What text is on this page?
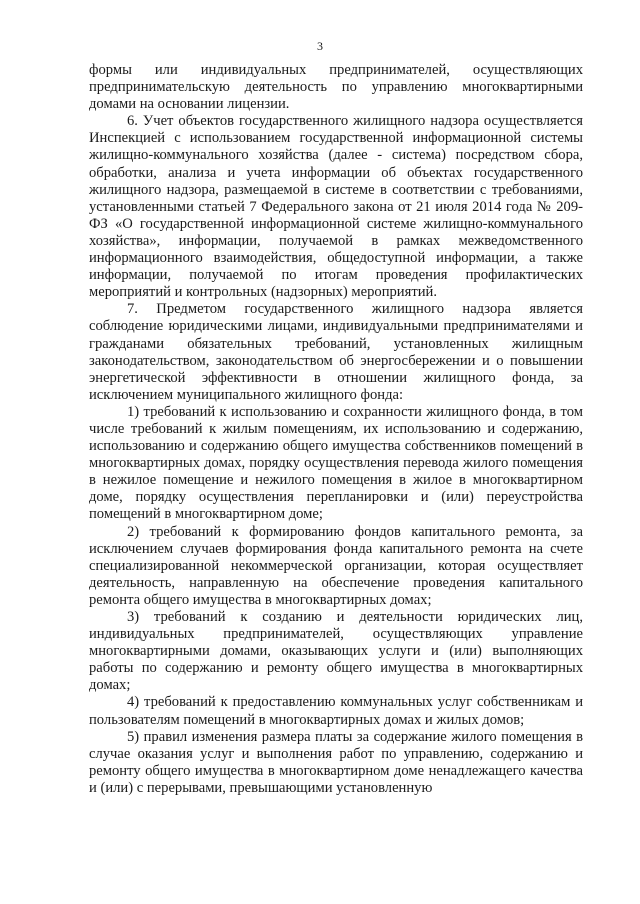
3

формы или индивидуальных предпринимателей, осуществляющих предпринимательскую деятельность по управлению многоквартирными домами на основании лицензии.

6. Учет объектов государственного жилищного надзора осуществляется Инспекцией с использованием государственной информационной системы жилищно-коммунального хозяйства (далее - система) посредством сбора, обработки, анализа и учета информации об объектах государственного жилищного надзора, размещаемой в системе в соответствии с требованиями, установленными статьей 7 Федерального закона от 21 июля 2014 года № 209-ФЗ «О государственной информационной системе жилищно-коммунального хозяйства», информации, получаемой в рамках межведомственного информационного взаимодействия, общедоступной информации, а также информации, получаемой по итогам проведения профилактических мероприятий и контрольных (надзорных) мероприятий.

7. Предметом государственного жилищного надзора является соблюдение юридическими лицами, индивидуальными предпринимателями и гражданами обязательных требований, установленных жилищным законодательством, законодательством об энергосбережении и о повышении энергетической эффективности в отношении жилищного фонда, за исключением муниципального жилищного фонда:

1) требований к использованию и сохранности жилищного фонда, в том числе требований к жилым помещениям, их использованию и содержанию, использованию и содержанию общего имущества собственников помещений в многоквартирных домах, порядку осуществления перевода жилого помещения в нежилое помещение и нежилого помещения в жилое в многоквартирном доме, порядку осуществления перепланировки и (или) переустройства помещений в многоквартирном доме;

2) требований к формированию фондов капитального ремонта, за исключением случаев формирования фонда капитального ремонта на счете специализированной некоммерческой организации, которая осуществляет деятельность, направленную на обеспечение проведения капитального ремонта общего имущества в многоквартирных домах;

3) требований к созданию и деятельности юридических лиц, индивидуальных предпринимателей, осуществляющих управление многоквартирными домами, оказывающих услуги и (или) выполняющих работы по содержанию и ремонту общего имущества в многоквартирных домах;

4) требований к предоставлению коммунальных услуг собственникам и пользователям помещений в многоквартирных домах и жилых домов;

5) правил изменения размера платы за содержание жилого помещения в случае оказания услуг и выполнения работ по управлению, содержанию и ремонту общего имущества в многоквартирном доме ненадлежащего качества и (или) с перерывами, превышающими установленную
